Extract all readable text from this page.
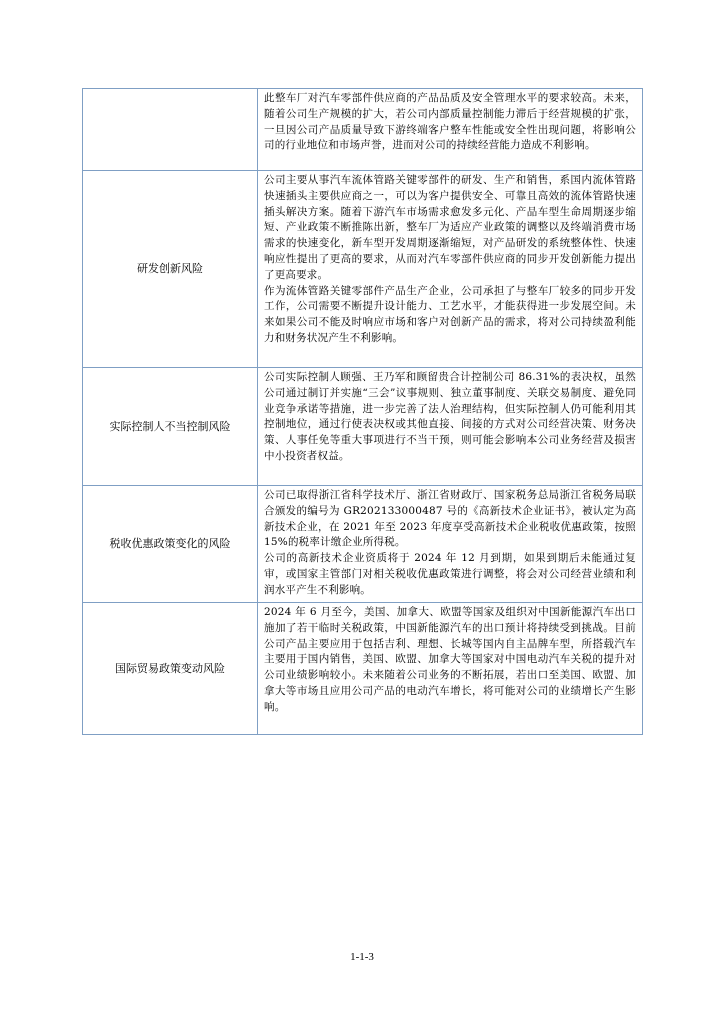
	此整车厂对汽车零部件供应商的产品品质及安全管理水平的要求较高。未来，随着公司生产规模的扩大，若公司内部质量控制能力滞后于经营规模的扩张，一旦因公司产品质量导致下游终端客户整车性能或安全性出现问题，将影响公司的行业地位和市场声誉，进而对公司的持续经营能力造成不利影响。

研发创新风险	公司主要从事汽车流体管路关键零部件的研发、生产和销售，系国内流体管路快速插头主要供应商之一，可以为客户提供安全、可靠且高效的流体管路快速插头解决方案。随着下游汽车市场需求愈发多元化、产品车型生命周期逐步缩短、产业政策不断推陈出新，整车厂为适应产业政策的调整以及终端消费市场需求的快速变化，新车型开发周期逐渐缩短，对产品研发的系统整体性、快速响应性提出了更高的要求，从而对汽车零部件供应商的同步开发创新能力提出了更高要求。

作为流体管路关键零部件产品生产企业，公司承担了与整车厂较多的同步开发工作，公司需要不断提升设计能力、工艺水平，才能获得进一步发展空间。未来如果公司不能及时响应市场和客户对创新产品的需求，将对公司持续盈利能力和财务状况产生不利影响。

实际控制人不当控制风险	公司实际控制人顾强、王乃军和顾留贵合计控制公司 86.31%的表决权，虽然公司通过制订并实施“三会”议事规则、独立董事制度、关联交易制度、避免同业竞争承诺等措施，进一步完善了法人治理结构，但实际控制人仍可能利用其控制地位，通过行使表决权或其他直接、间接的方式对公司经营决策、财务决策、人事任免等重大事项进行不当干预，则可能会影响本公司业务经营及损害中小投资者权益。

税收优惠政策变化的风险	公司已取得浙江省科学技术厅、浙江省财政厅、国家税务总局浙江省税务局联合颁发的编号为 GR202133000487 号的《高新技术企业证书》，被认定为高新技术企业，在 2021 年至 2023 年度享受高新技术企业税收优惠政策，按照 15%的税率计缴企业所得税。

公司的高新技术企业资质将于 2024 年 12 月到期，如果到期后未能通过复审，或国家主管部门对相关税收优惠政策进行调整，将会对公司经营业绩和利润水平产生不利影响。

国际贸易政策变动风险	2024 年 6 月至今，美国、加拿大、欧盟等国家及组织对中国新能源汽车出口施加了若干临时关税政策，中国新能源汽车的出口预计将持续受到挑战。目前公司产品主要应用于包括吉利、理想、长城等国内自主品牌车型，所搭载汽车主要用于国内销售，美国、欧盟、加拿大等国家对中国电动汽车关税的提升对公司业绩影响较小。未来随着公司业务的不断拓展，若出口至美国、欧盟、加拿大等市场且应用公司产品的电动汽车增长，将可能对公司的业绩增长产生影响。

1-1-3
